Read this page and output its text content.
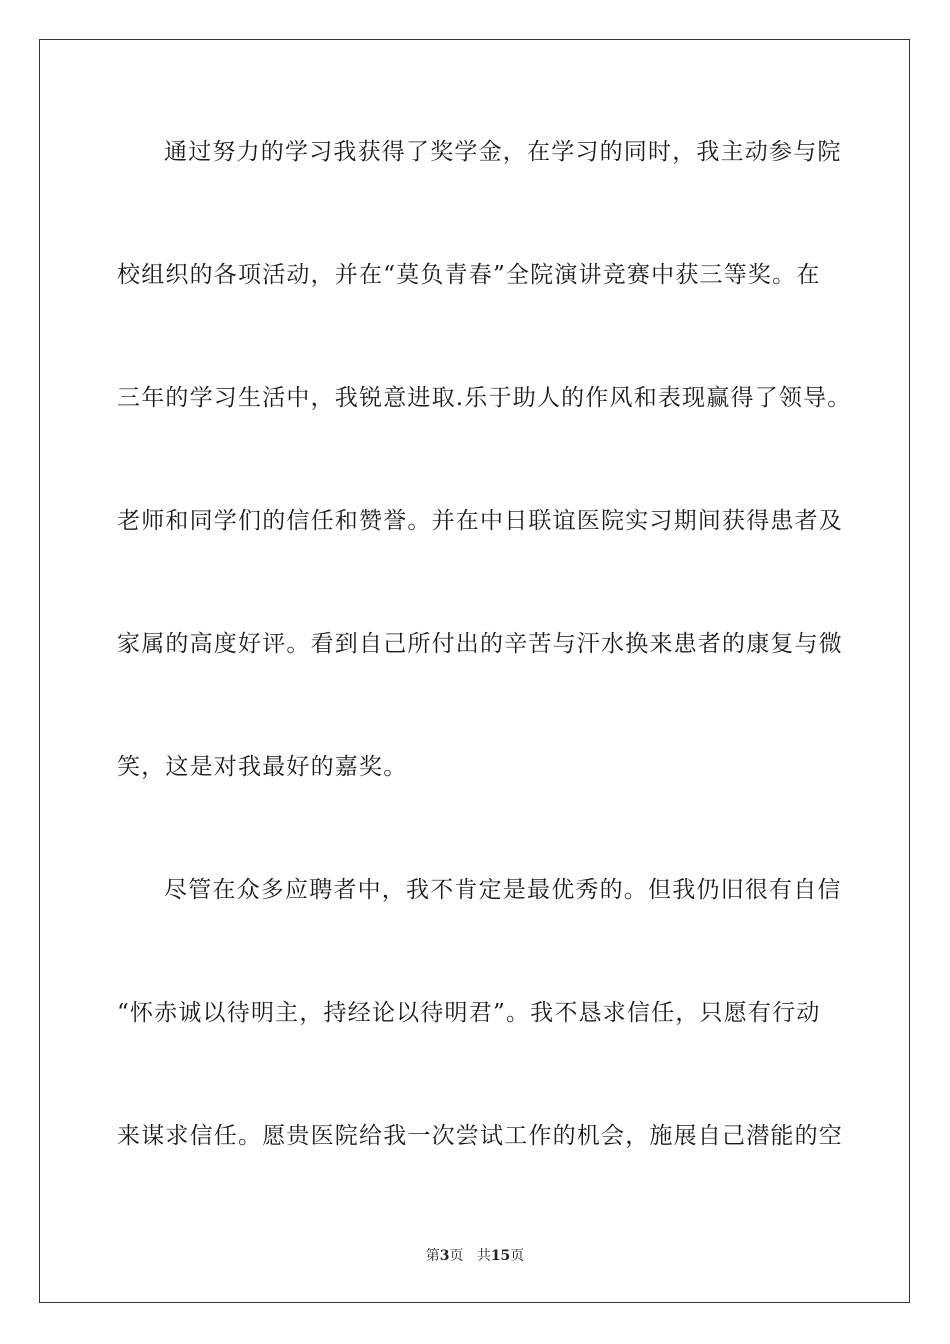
通过努力的学习我获得了奖学金，在学习的同时，我主动参与院
校组织的各项活动，并在“莫负青春”全院演讲竞赛中获三等奖。在
三年的学习生活中，我锐意进取.乐于助人的作风和表现赢得了领导。
老师和同学们的信任和赞誉。并在中日联谊医院实习期间获得患者及
家属的高度好评。看到自己所付出的辛苦与汗水换来患者的康复与微
笑，这是对我最好的嘉奖。
尽管在众多应聘者中，我不肯定是最优秀的。但我仍旧很有自信
“怀赤诚以待明主，持经论以待明君”。我不恳求信任，只愿有行动
来谋求信任。愿贵医院给我一次尝试工作的机会，施展自己潜能的空
第3页 共15页
